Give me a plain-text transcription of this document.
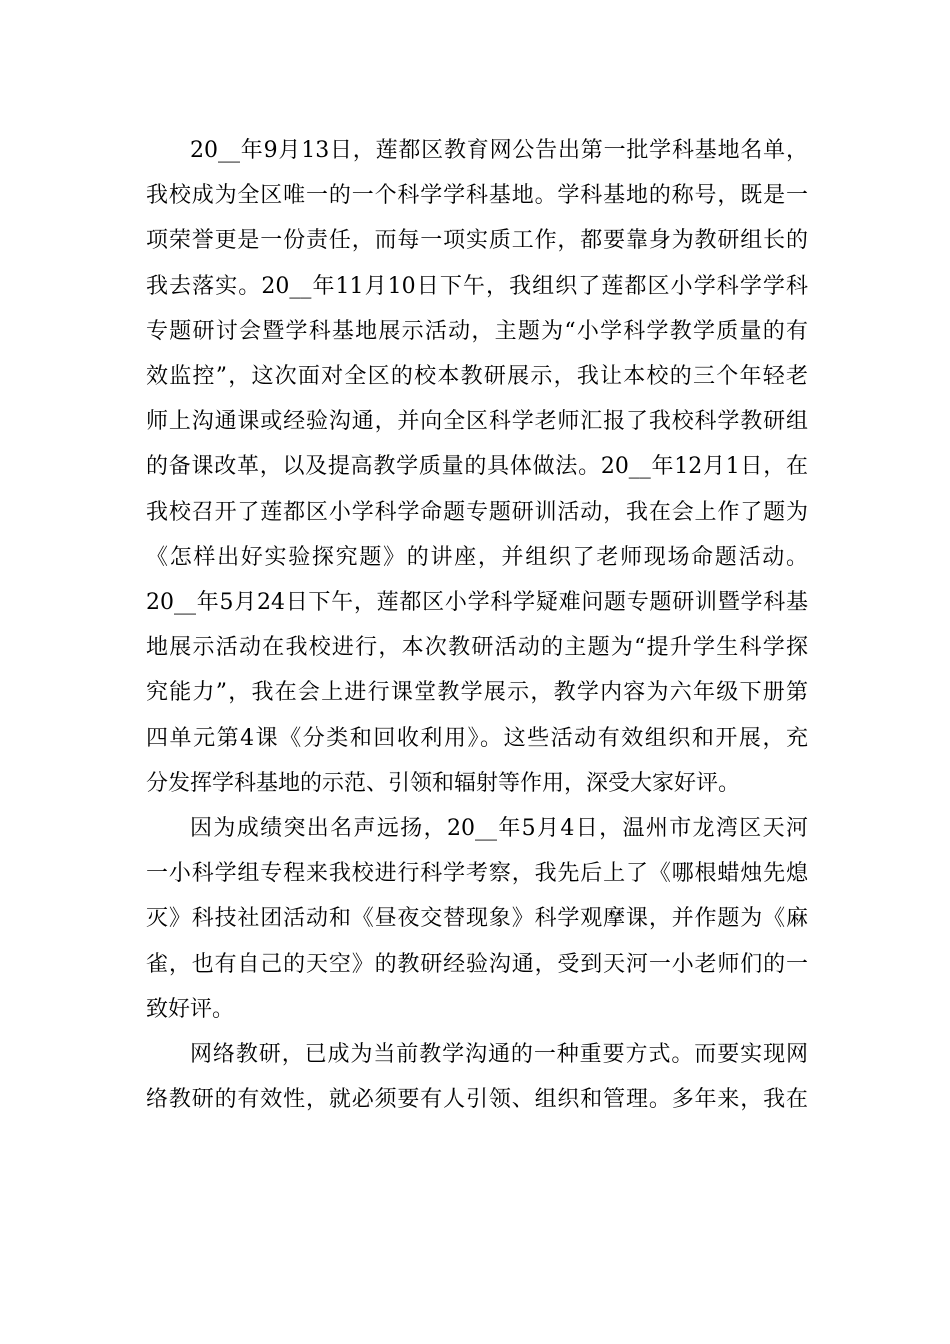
20__年9月13日，莲都区教育网公告出第一批学科基地名单，
我校成为全区唯一的一个科学学科基地。学科基地的称号，既是一
项荣誉更是一份责任，而每一项实质工作，都要靠身为教研组长的
我去落实。20__年11月10日下午，我组织了莲都区小学科学学科
专题研讨会暨学科基地展示活动，主题为“小学科学教学质量的有
效监控”，这次面对全区的校本教研展示，我让本校的三个年轻老
师上沟通课或经验沟通，并向全区科学老师汇报了我校科学教研组
的备课改革，以及提高教学质量的具体做法。20__年12月1日，在
我校召开了莲都区小学科学命题专题研训活动，我在会上作了题为
《怎样出好实验探究题》的讲座，并组织了老师现场命题活动。
20__年5月24日下午，莲都区小学科学疑难问题专题研训暨学科基
地展示活动在我校进行，本次教研活动的主题为“提升学生科学探
究能力”，我在会上进行课堂教学展示，教学内容为六年级下册第
四单元第4课《分类和回收利用》。这些活动有效组织和开展，充
分发挥学科基地的示范、引领和辐射等作用，深受大家好评。
因为成绩突出名声远扬，20__年5月4日，温州市龙湾区天河
一小科学组专程来我校进行科学考察，我先后上了《哪根蜡烛先熄
灭》科技社团活动和《昼夜交替现象》科学观摩课，并作题为《麻
雀，也有自己的天空》的教研经验沟通，受到天河一小老师们的一
致好评。
网络教研，已成为当前教学沟通的一种重要方式。而要实现网
络教研的有效性，就必须要有人引领、组织和管理。多年来，我在
